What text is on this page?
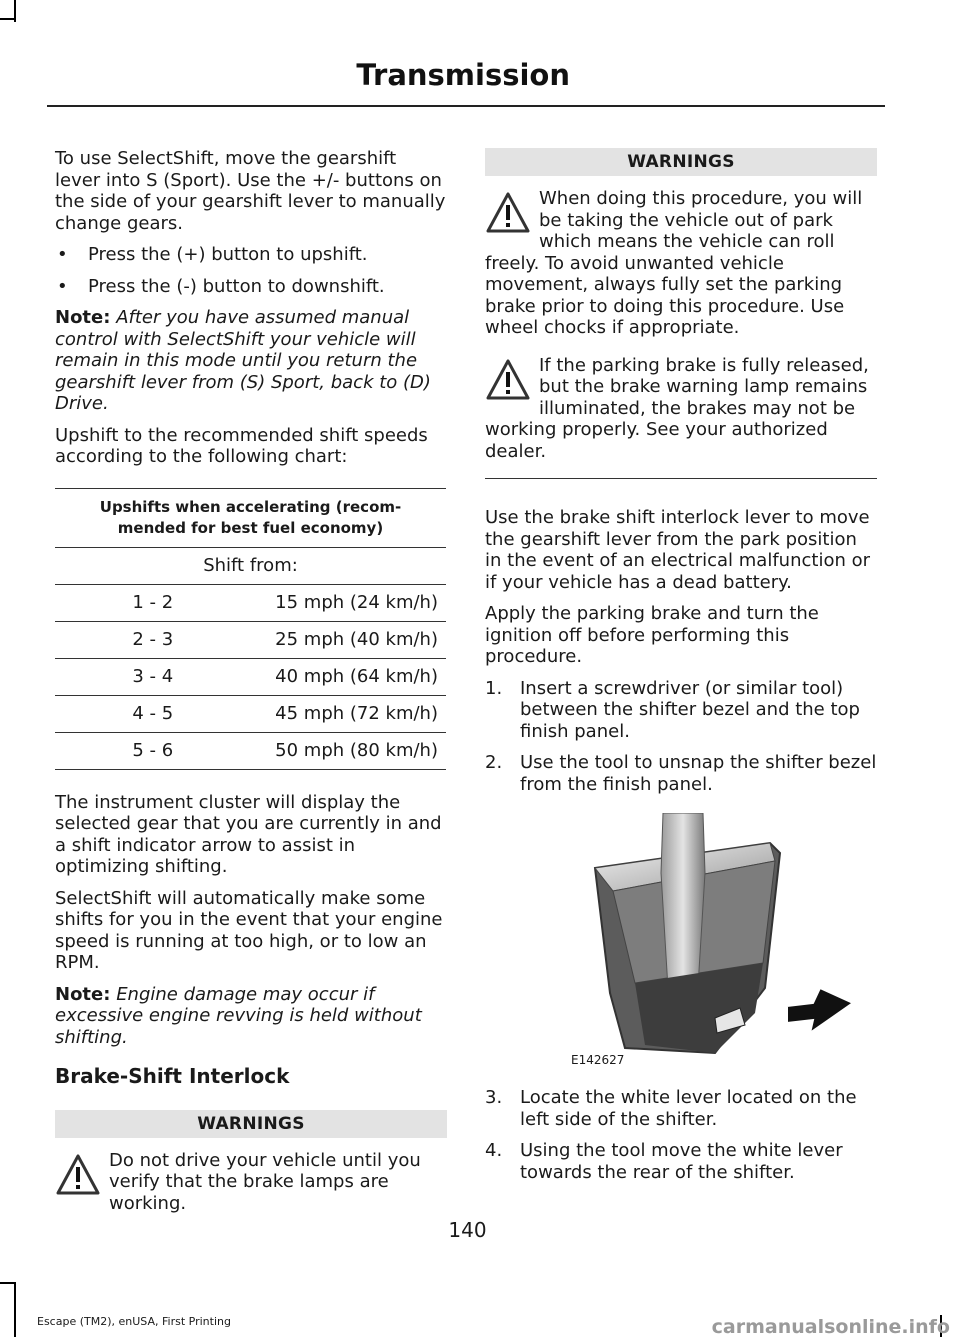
Transmission

To use SelectShift, move the gearshift lever into S (Sport). Use the +/- buttons on the side of your gearshift lever to manually change gears.

• Press the (+) button to upshift.
• Press the (-) button to downshift.

Note: After you have assumed manual control with SelectShift your vehicle will remain in this mode until you return the gearshift lever from (S) Sport, back to (D) Drive.

Upshift to the recommended shift speeds according to the following chart:

Upshifts when accelerating (recom-mended for best fuel economy)	
Shift from:	
1 - 2	15 mph (24 km/h)
2 - 3	25 mph (40 km/h)
3 - 4	40 mph (64 km/h)
4 - 5	45 mph (72 km/h)
5 - 6	50 mph (80 km/h)

The instrument cluster will display the selected gear that you are currently in and a shift indicator arrow to assist in optimizing shifting.

SelectShift will automatically make some shifts for you in the event that your engine speed is running at too high, or to low an RPM.

Note: Engine damage may occur if excessive engine revving is held without shifting.

Brake-Shift Interlock
WARNINGS
Do not drive your vehicle until you verify that the brake lamps are working.
WARNINGS
When doing this procedure, you will be taking the vehicle out of park which means the vehicle can roll freely. To avoid unwanted vehicle movement, always fully set the parking brake prior to doing this procedure. Use wheel chocks if appropriate.
If the parking brake is fully released, but the brake warning lamp remains illuminated, the brakes may not be working properly. See your authorized dealer.

Use the brake shift interlock lever to move the gearshift lever from the park position in the event of an electrical malfunction or if your vehicle has a dead battery.

Apply the parking brake and turn the ignition off before performing this procedure.

1. Insert a screwdriver (or similar tool) between the shifter bezel and the top finish panel.
2. Use the tool to unsnap the shifter bezel from the finish panel.
E142627
3. Locate the white lever located on the left side of the shifter.
4. Using the tool move the white lever towards the rear of the shifter.
140
Escape (TM2), enUSA, First Printing	carmanualsonline.info
